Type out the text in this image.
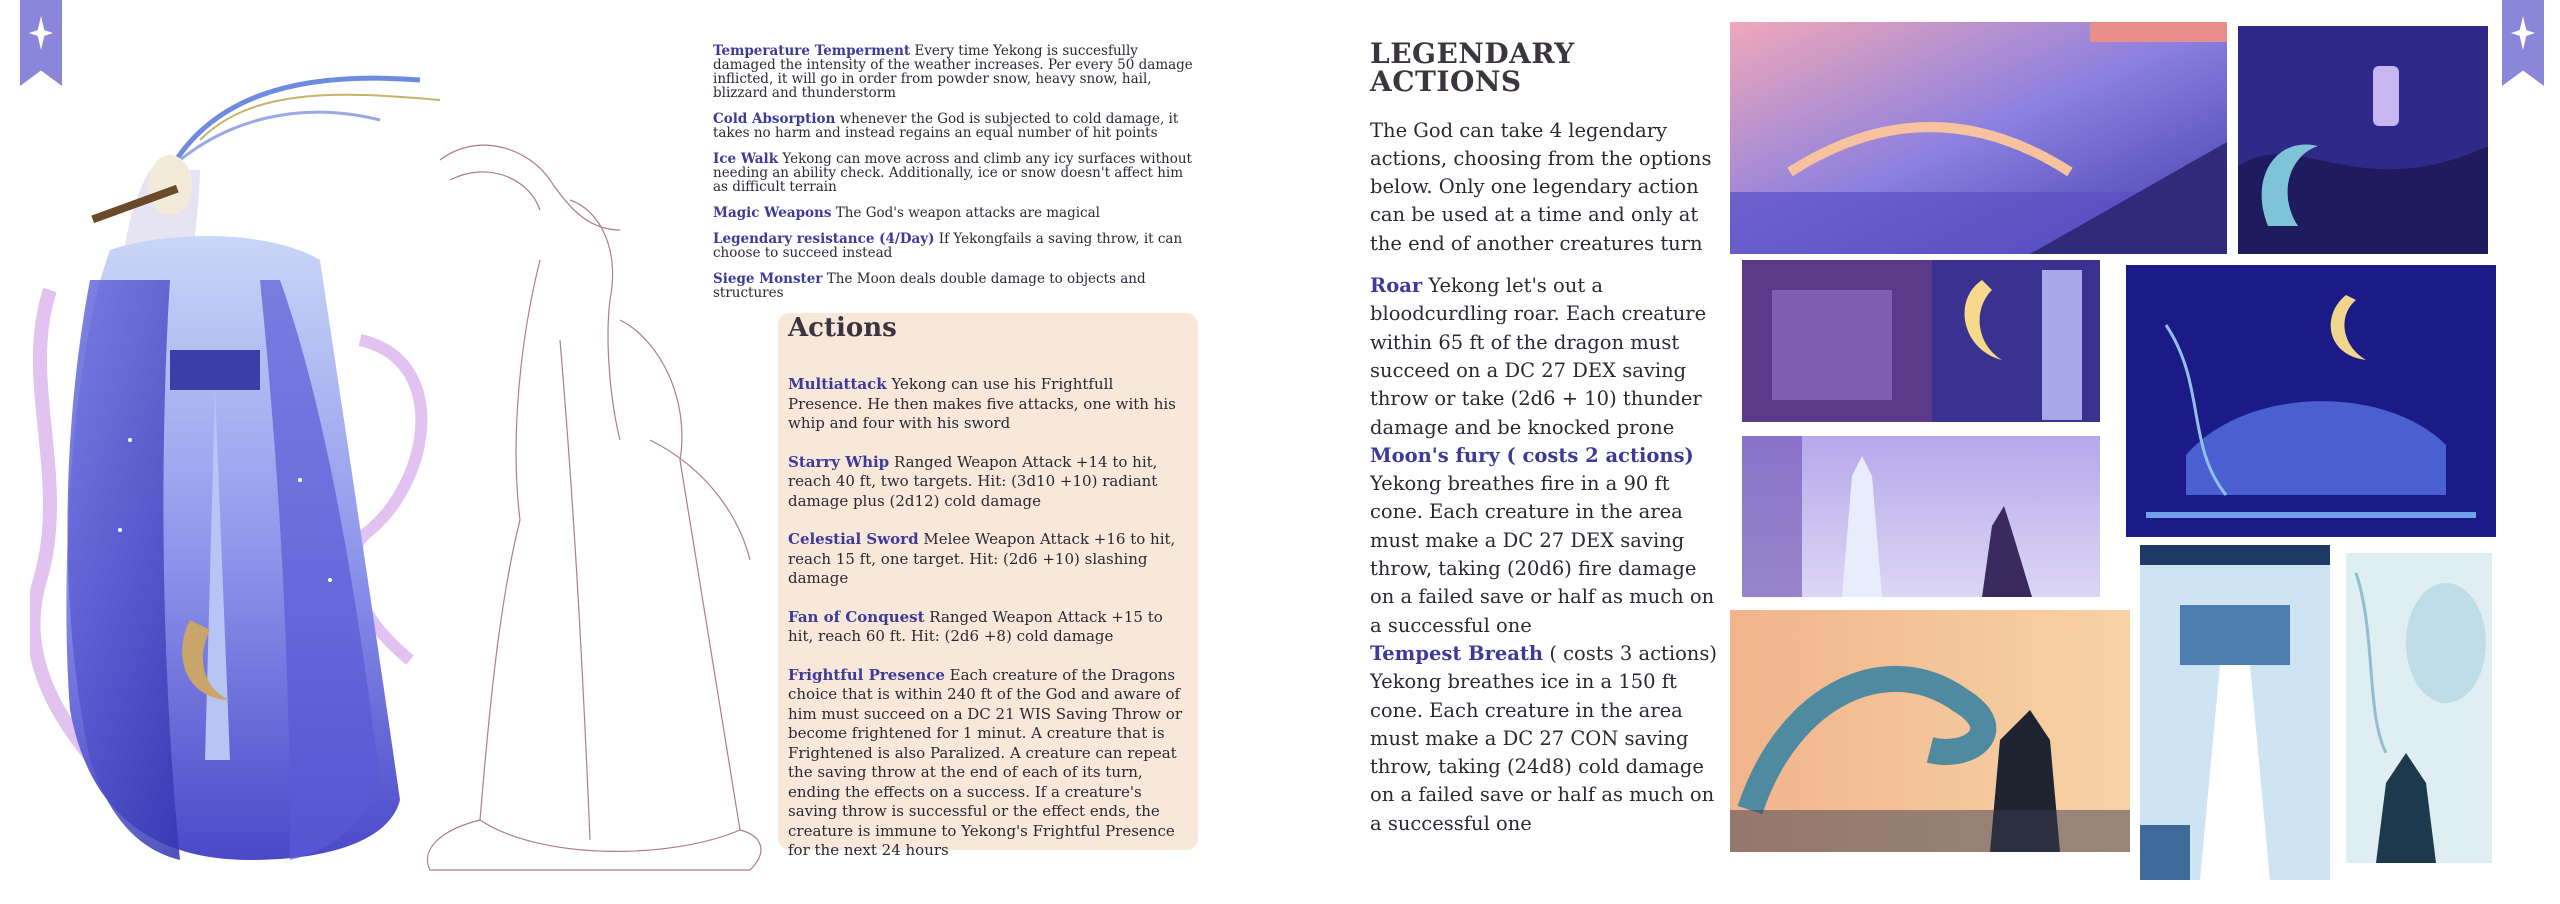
Temperature Temperment Every time Yekong is succesfully damaged the intensity of the weather increases. Per every 50 damage inflicted, it will go in order from powder snow, heavy snow, hail, blizzard and thunderstorm

Cold Absorption whenever the God is subjected to cold damage, it takes no harm and instead regains an equal number of hit points

Ice Walk Yekong can move across and climb any icy surfaces without needing an ability check. Additionally, ice or snow doesn't affect him as difficult terrain

Magic Weapons The God's weapon attacks are magical

Legendary resistance (4/Day) If Yekongfails a saving throw, it can choose to succeed instead

Siege Monster The Moon deals double damage to objects and structures

Actions

Multiattack Yekong can use his Frightfull Presence. He then makes five attacks, one with his whip and four with his sword

Starry Whip Ranged Weapon Attack +14 to hit, reach 40 ft, two targets. Hit: (3d10 +10) radiant damage plus (2d12) cold damage

Celestial Sword Melee Weapon Attack +16 to hit, reach 15 ft, one target. Hit: (2d6 +10) slashing damage

Fan of Conquest Ranged Weapon Attack +15 to hit, reach 60 ft. Hit: (2d6 +8) cold damage

Frightful Presence Each creature of the Dragons choice that is within 240 ft of the God and aware of him must succeed on a DC 21 WIS Saving Throw or become frightened for 1 minut. A creature that is Frightened is also Paralized. A creature can repeat the saving throw at the end of each of its turn, ending the effects on a success. If a creature's saving throw is successful or the effect ends, the creature is immune to Yekong's Frightful Presence for the next 24 hours

LEGENDARY ACTIONS

The God can take 4 legendary actions, choosing from the options below. Only one legendary action can be used at a time and only at the end of another creatures turn

Roar Yekong let's out a bloodcurdling roar. Each creature within 65 ft of the dragon must succeed on a DC 27 DEX saving throw or take (2d6 + 10) thunder damage and be knocked prone

Moon's fury ( costs 2 actions) Yekong breathes fire in a 90 ft cone. Each creature in the area must make a DC 27 DEX saving throw, taking (20d6) fire damage on a failed save or half as much on a successful one

Tempest Breath ( costs 3 actions) Yekong breathes ice in a 150 ft cone. Each creature in the area must make a DC 27 CON saving throw, taking (24d8) cold damage on a failed save or half as much on a successful one
